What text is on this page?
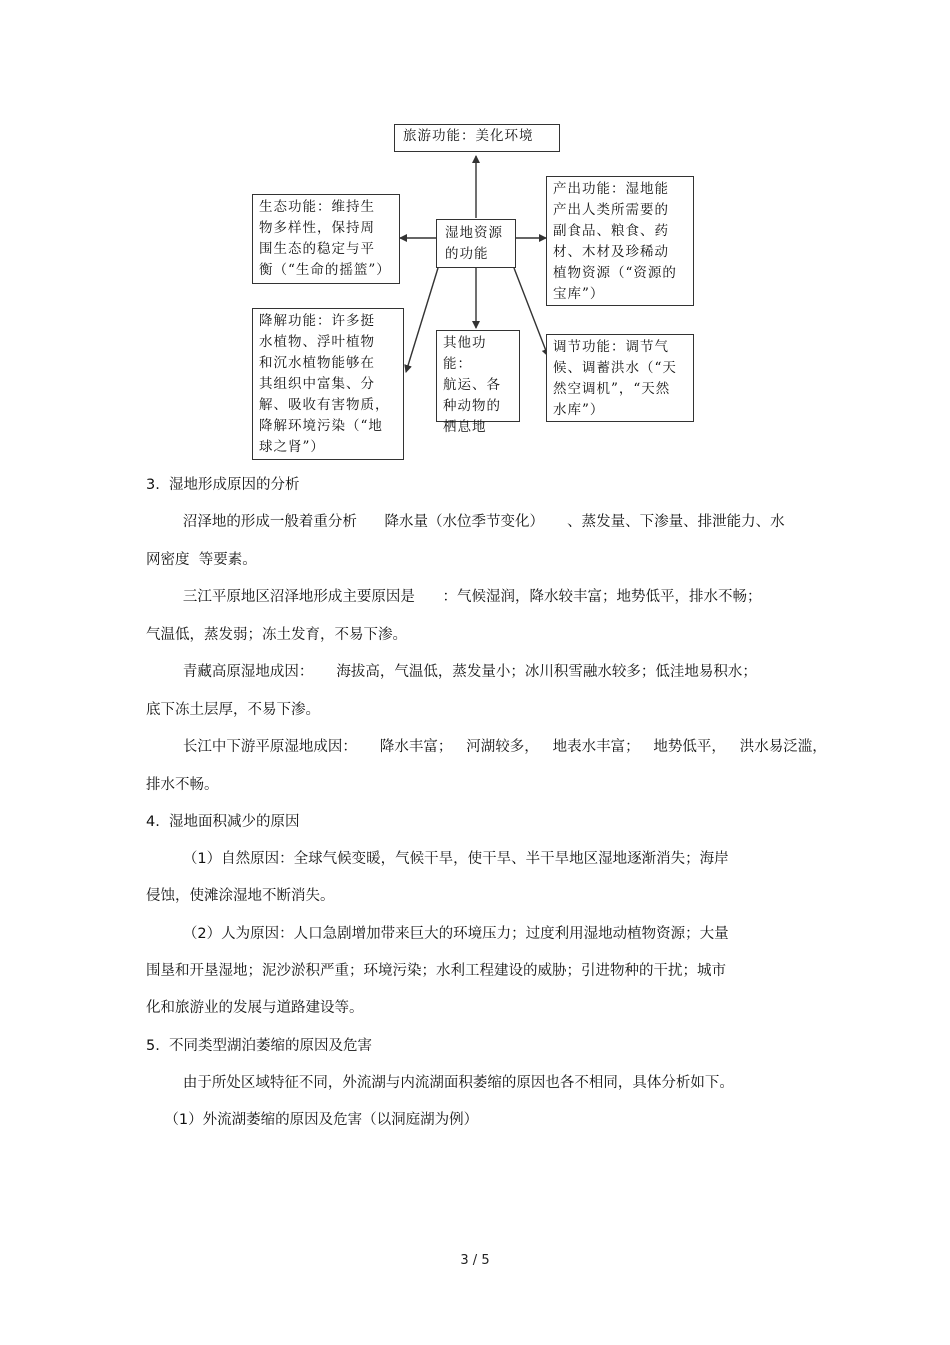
旅游功能：美化环境
湿地资源
的功能
生态功能：维持生
物多样性，保持周
围生态的稳定与平
衡（“生命的摇篮”）
产出功能：湿地能
产出人类所需要的
副食品、粮食、药
材、木材及珍稀动
植物资源（“资源的
宝库”）
降解功能：许多挺
水植物、浮叶植物
和沉水植物能够在
其组织中富集、分
解、吸收有害物质，
降解环境污染（“地
球之肾”）
其他功能：
航运、各
种动物的
栖息地
调节功能：调节气
候、调蓄洪水（“天
然空调机”，“天然
水库”）
3.  湿地形成原因的分析
沼泽地的形成一般着重分析      降水量（水位季节变化）     、蒸发量、下渗量、排泄能力、水
网密度  等要素。
三江平原地区沼泽地形成主要原因是      ：气候湿润，降水较丰富；地势低平，排水不畅；
气温低，蒸发弱；冻土发育，不易下渗。
青藏高原湿地成因：     海拔高，气温低，蒸发量小；冰川积雪融水较多；低洼地易积水；
底下冻土层厚，不易下渗。
长江中下游平原湿地成因：     降水丰富；   河湖较多，   地表水丰富；   地势低平，   洪水易泛滥，
排水不畅。
4.  湿地面积减少的原因
（1）自然原因：全球气候变暖，气候干旱，使干旱、半干旱地区湿地逐渐消失；海岸
侵蚀，使滩涂湿地不断消失。
（2）人为原因：人口急剧增加带来巨大的环境压力；过度利用湿地动植物资源；大量
围垦和开垦湿地；泥沙淤积严重；环境污染；水利工程建设的威胁；引进物种的干扰；城市
化和旅游业的发展与道路建设等。
5.  不同类型湖泊萎缩的原因及危害
由于所处区域特征不同，外流湖与内流湖面积萎缩的原因也各不相同，具体分析如下。
（1）外流湖萎缩的原因及危害（以洞庭湖为例）
3 / 5
